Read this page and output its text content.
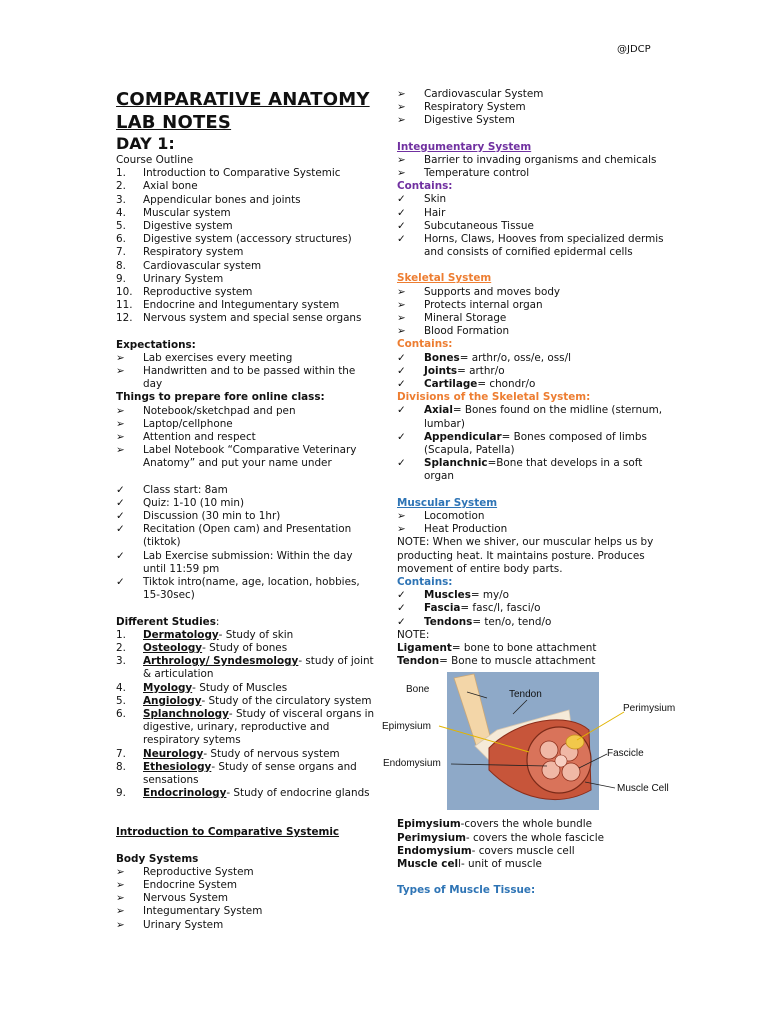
@JDCP
COMPARATIVE ANATOMY
LAB NOTES
DAY 1:
Course Outline
1.	Introduction to Comparative Systemic
2.	Axial bone
3.	Appendicular bones and joints
4.	Muscular system
5.	Digestive system
6.	Digestive system (accessory structures)
7.	Respiratory system
8.	Cardiovascular system
9.	Urinary System
10.	Reproductive system
11.	Endocrine and Integumentary system
12.	Nervous system and special sense organs
Expectations:
➢	Lab exercises every meeting
➢	Handwritten and to be passed within the day
Things to prepare fore online class:
➢	Notebook/sketchpad and pen
➢	Laptop/cellphone
➢	Attention and respect
➢	Label Notebook “Comparative Veterinary Anatomy” and put your name under
✓	Class start: 8am
✓	Quiz: 1-10 (10 min)
✓	Discussion (30 min to 1hr)
✓	Recitation (Open cam) and Presentation (tiktok)
✓	Lab Exercise submission: Within the day until 11:59 pm
✓	Tiktok intro(name, age, location, hobbies, 15-30sec)
Different Studies:
1.	Dermatology- Study of skin
2.	Osteology- Study of bones
3.	Arthrology/ Syndesmology- study of joint & articulation
4.	Myology- Study of Muscles
5.	Angiology- Study of the circulatory system
6.	Splanchnology- Study of visceral organs in digestive, urinary, reproductive and respiratory sytems
7.	Neurology- Study of nervous system
8.	Ethesiology- Study of sense organs and sensations
9.	Endocrinology- Study of endocrine glands
Introduction to Comparative Systemic
Body Systems
➢	Reproductive System
➢	Endocrine System
➢	Nervous System
➢	Integumentary System
➢	Urinary System
➢	Cardiovascular System
➢	Respiratory System
➢	Digestive System
Integumentary System
➢	Barrier to invading organisms and chemicals
➢	Temperature control
Contains:
✓	Skin
✓	Hair
✓	Subcutaneous Tissue
✓	Horns, Claws, Hooves from specialized dermis and consists of cornified epidermal cells
Skeletal System
➢	Supports and moves body
➢	Protects internal organ
➢	Mineral Storage
➢	Blood Formation
Contains:
✓	Bones= arthr/o, oss/e, oss/l
✓	Joints= arthr/o
✓	Cartilage= chondr/o
Divisions of the Skeletal System:
✓	Axial= Bones found on the midline (sternum, lumbar)
✓	Appendicular= Bones composed of limbs (Scapula, Patella)
✓	Splanchnic=Bone that develops in a soft organ
Muscular System
➢	Locomotion
➢	Heat Production
NOTE: When we shiver, our muscular helps us by producting heat. It maintains posture. Produces movement of entire body parts.
Contains:
✓	Muscles= my/o
✓	Fascia= fasc/l, fasci/o
✓	Tendons= ten/o, tend/o
NOTE:
Ligament= bone to bone attachment
Tendon= Bone to muscle attachment
Bone	Tendon
Perimysium
Epimysium
Fascicle
Endomysium
Muscle Cell
Epimysium-covers the whole bundle
Perimysium- covers the whole fascicle
Endomysium- covers muscle cell
Muscle cell- unit of muscle
Types of Muscle Tissue:
